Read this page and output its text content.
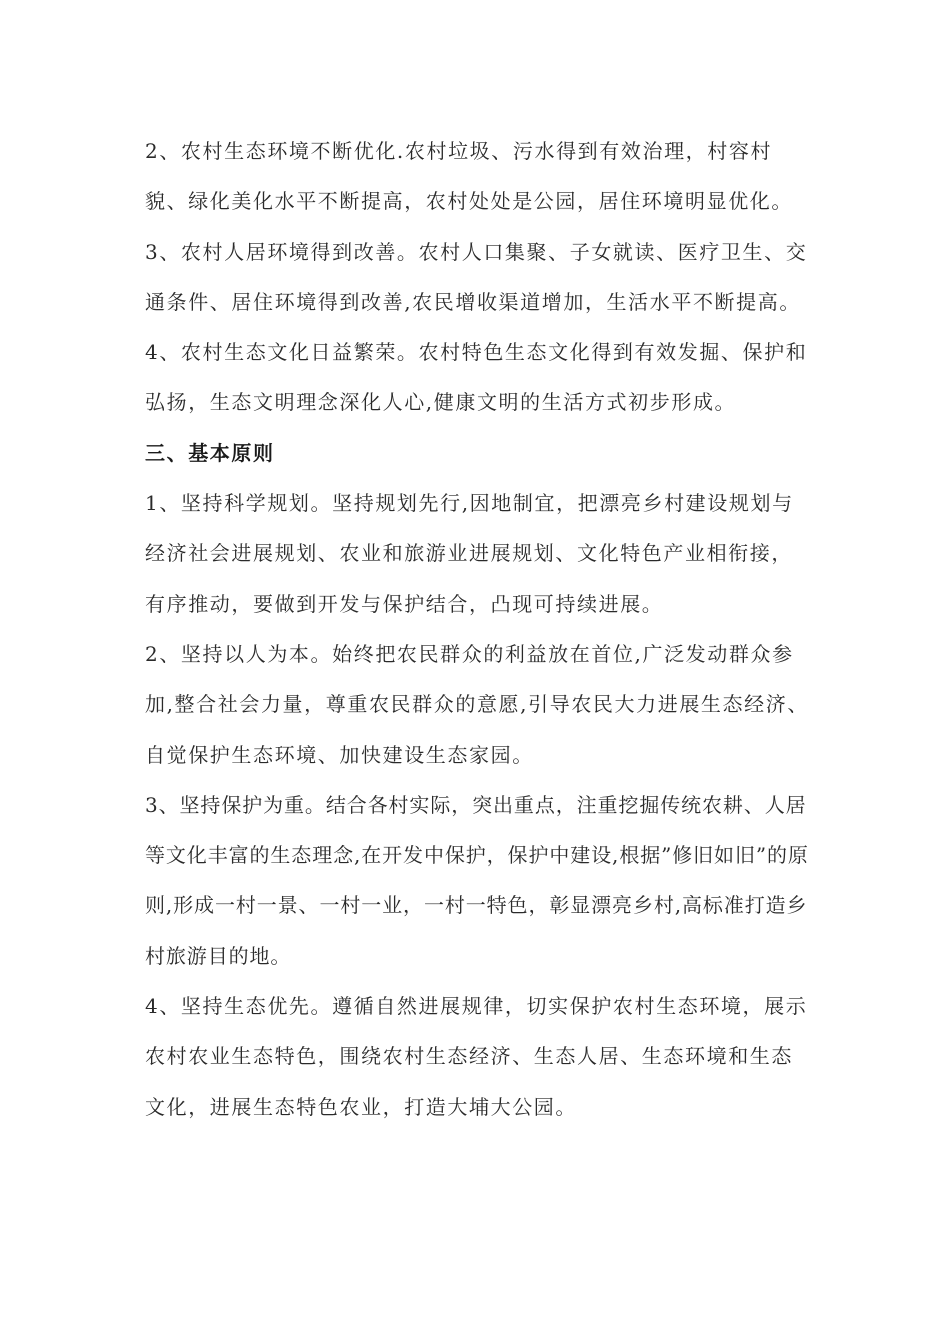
2、农村生态环境不断优化.农村垃圾、污水得到有效治理，村容村貌、绿化美化水平不断提高，农村处处是公园，居住环境明显优化。

3、农村人居环境得到改善。农村人口集聚、子女就读、医疗卫生、交通条件、居住环境得到改善,农民增收渠道增加，生活水平不断提高。

4、农村生态文化日益繁荣。农村特色生态文化得到有效发掘、保护和弘扬，生态文明理念深化人心,健康文明的生活方式初步形成。

三、基本原则

1、坚持科学规划。坚持规划先行,因地制宜，把漂亮乡村建设规划与经济社会进展规划、农业和旅游业进展规划、文化特色产业相衔接，有序推动，要做到开发与保护结合，凸现可持续进展。

2、坚持以人为本。始终把农民群众的利益放在首位,广泛发动群众参加,整合社会力量，尊重农民群众的意愿,引导农民大力进展生态经济、自觉保护生态环境、加快建设生态家园。

3、坚持保护为重。结合各村实际，突出重点，注重挖掘传统农耕、人居等文化丰富的生态理念,在开发中保护，保护中建设,根据”修旧如旧”的原则,形成一村一景、一村一业，一村一特色，彰显漂亮乡村,高标准打造乡村旅游目的地。

4、坚持生态优先。遵循自然进展规律，切实保护农村生态环境，展示农村农业生态特色，围绕农村生态经济、生态人居、生态环境和生态文化，进展生态特色农业，打造大埔大公园。
